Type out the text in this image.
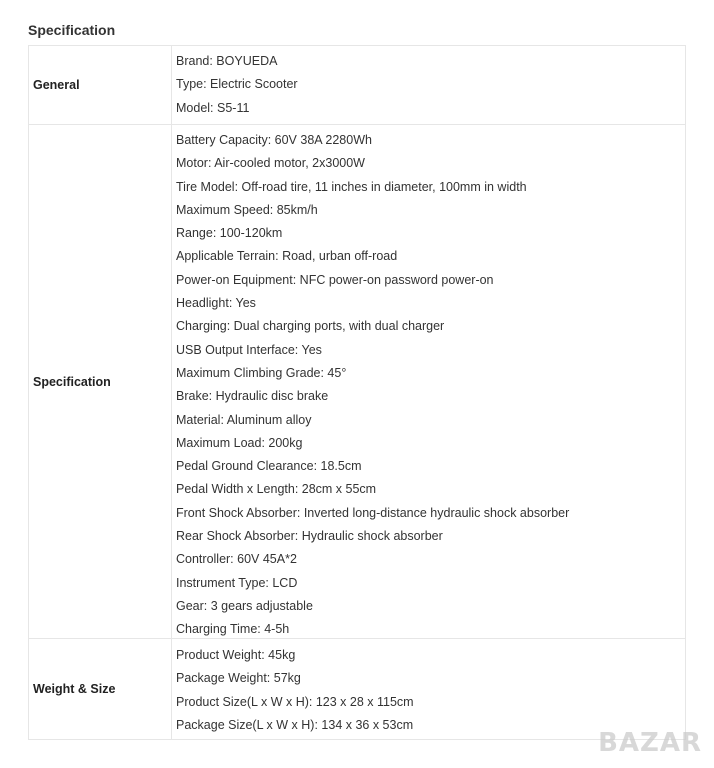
Specification
General
Brand: BOYUEDA
Type: Electric Scooter
Model: S5-11
Specification
Battery Capacity: 60V 38A 2280Wh
Motor: Air-cooled motor, 2x3000W
Tire Model: Off-road tire, 11 inches in diameter, 100mm in width
Maximum Speed: 85km/h
Range: 100-120km
Applicable Terrain: Road, urban off-road
Power-on Equipment: NFC power-on password power-on
Headlight: Yes
Charging: Dual charging ports, with dual charger
USB Output Interface: Yes
Maximum Climbing Grade: 45°
Brake: Hydraulic disc brake
Material: Aluminum alloy
Maximum Load: 200kg
Pedal Ground Clearance: 18.5cm
Pedal Width x Length: 28cm x 55cm
Front Shock Absorber: Inverted long-distance hydraulic shock absorber
Rear Shock Absorber: Hydraulic shock absorber
Controller: 60V 45A*2
Instrument Type: LCD
Gear: 3 gears adjustable
Charging Time: 4-5h
Weight & Size
Product Weight: 45kg
Package Weight: 57kg
Product Size(L x W x H): 123 x 28 x 115cm
Package Size(L x W x H): 134 x 36 x 53cm
BAZAR
